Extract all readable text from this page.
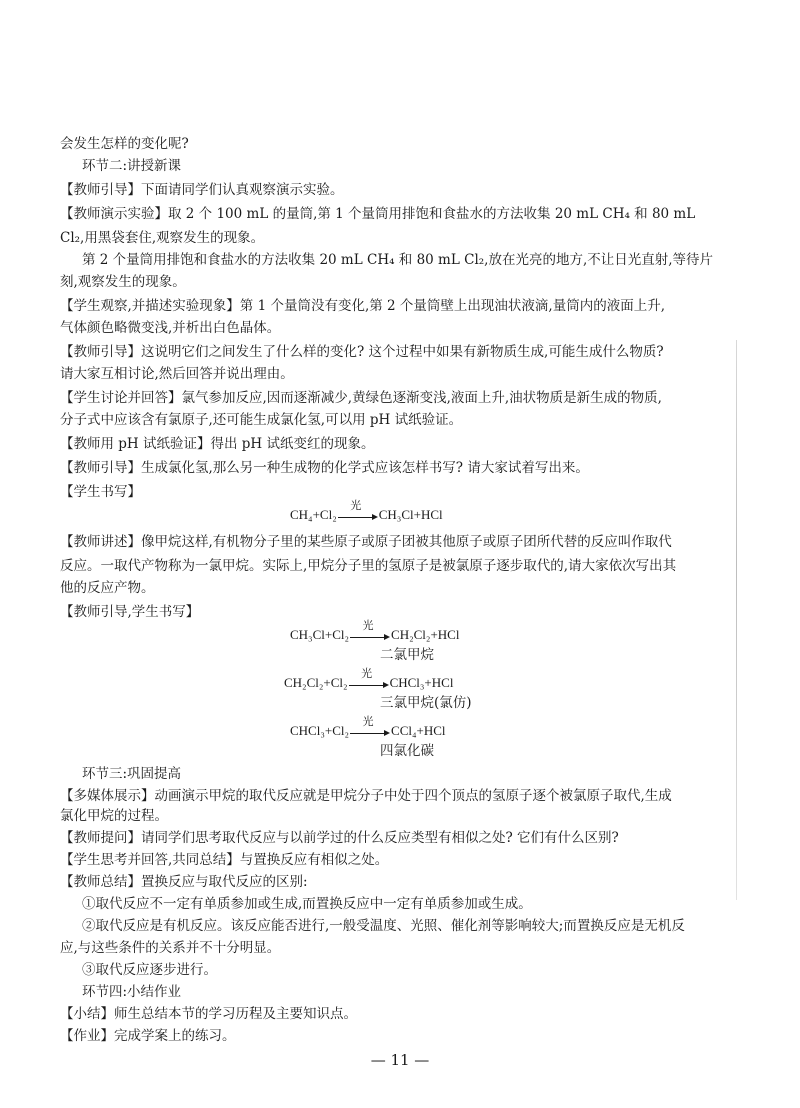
会发生怎样的变化呢?
环节二:讲授新课
【教师引导】下面请同学们认真观察演示实验。
【教师演示实验】取 2 个 100 mL 的量筒,第 1 个量筒用排饱和食盐水的方法收集 20 mL CH₄ 和 80 mL
Cl₂,用黑袋套住,观察发生的现象。
第 2 个量筒用排饱和食盐水的方法收集 20 mL CH₄ 和 80 mL Cl₂,放在光亮的地方,不让日光直射,等待片
刻,观察发生的现象。
【学生观察,并描述实验现象】第 1 个量筒没有变化,第 2 个量筒壁上出现油状液滴,量筒内的液面上升,
气体颜色略微变浅,并析出白色晶体。
【教师引导】这说明它们之间发生了什么样的变化? 这个过程中如果有新物质生成,可能生成什么物质?
请大家互相讨论,然后回答并说出理由。
【学生讨论并回答】氯气参加反应,因而逐渐减少,黄绿色逐渐变浅,液面上升,油状物质是新生成的物质,
分子式中应该含有氯原子,还可能生成氯化氢,可以用 pH 试纸验证。
【教师用 pH 试纸验证】得出 pH 试纸变红的现象。
【教师引导】生成氯化氢,那么另一种生成物的化学式应该怎样书写? 请大家试着写出来。
【学生书写】
CH₄+Cl₂
光
CH₃Cl+HCl
【教师讲述】像甲烷这样,有机物分子里的某些原子或原子团被其他原子或原子团所代替的反应叫作取代
反应。一取代产物称为一氯甲烷。实际上,甲烷分子里的氢原子是被氯原子逐步取代的,请大家依次写出其
他的反应产物。
【教师引导,学生书写】
CH₃Cl+Cl₂
光
CH₂Cl₂+HCl
二氯甲烷
CH₂Cl₂+Cl₂
光
CHCl₃+HCl
三氯甲烷(氯仿)
CHCl₃+Cl₂
光
CCl₄+HCl
四氯化碳
环节三:巩固提高
【多媒体展示】动画演示甲烷的取代反应就是甲烷分子中处于四个顶点的氢原子逐个被氯原子取代,生成
氯化甲烷的过程。
【教师提问】请同学们思考取代反应与以前学过的什么反应类型有相似之处? 它们有什么区别?
【学生思考并回答,共同总结】与置换反应有相似之处。
【教师总结】置换反应与取代反应的区别:
①取代反应不一定有单质参加或生成,而置换反应中一定有单质参加或生成。
②取代反应是有机反应。该反应能否进行,一般受温度、光照、催化剂等影响较大;而置换反应是无机反
应,与这些条件的关系并不十分明显。
③取代反应逐步进行。
环节四:小结作业
【小结】师生总结本节的学习历程及主要知识点。
— 11 —
【作业】完成学案上的练习。
